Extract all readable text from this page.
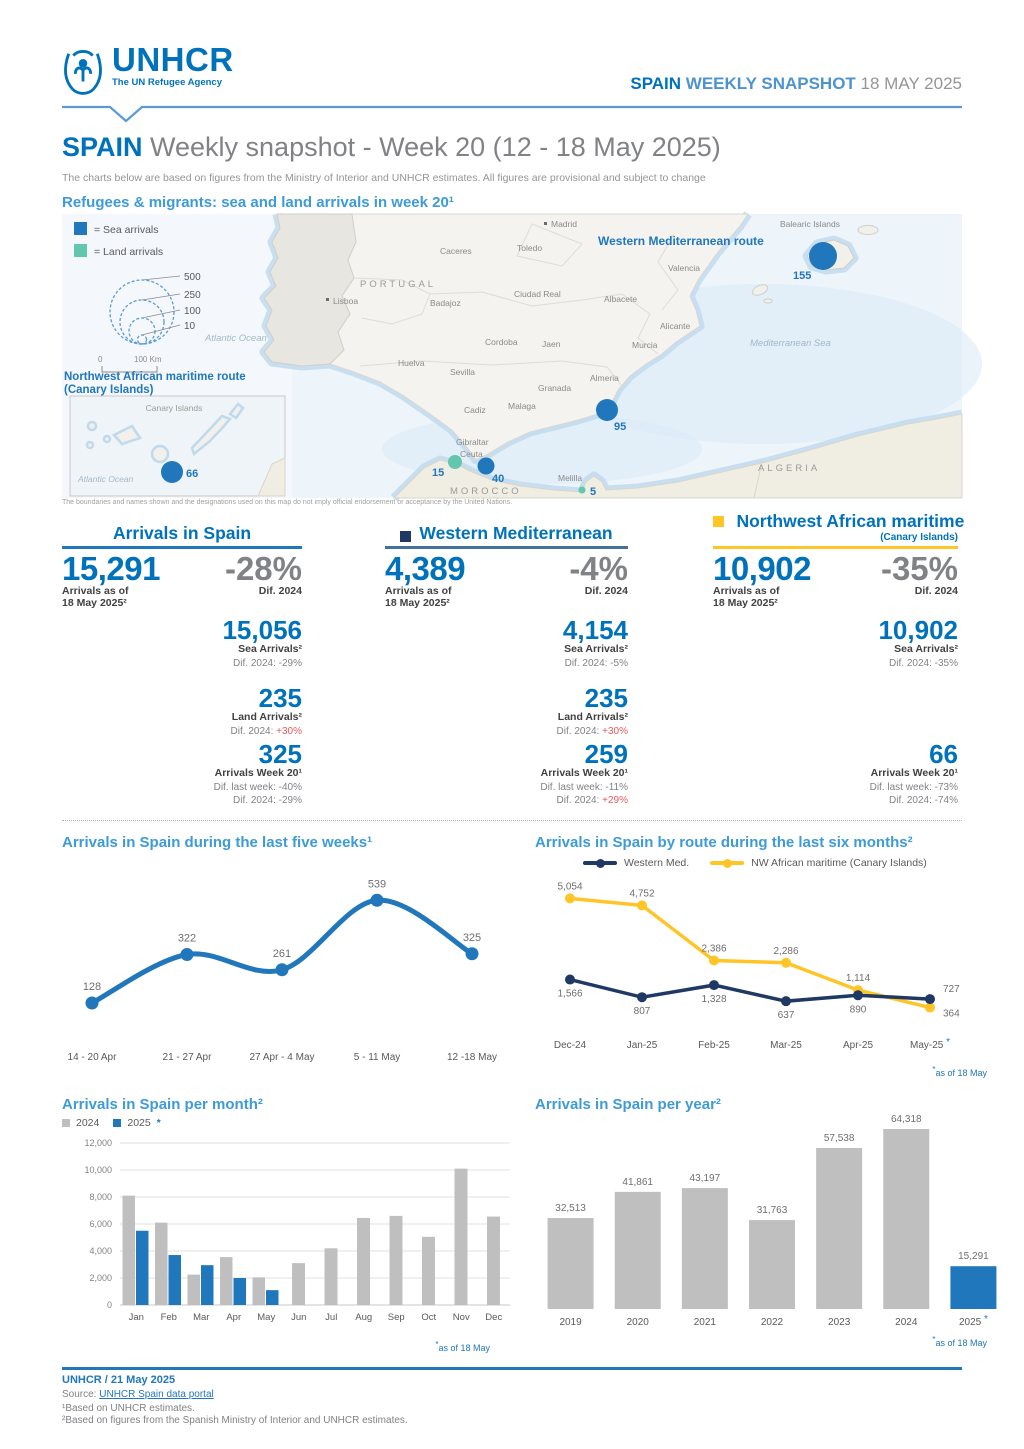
UNHCR
The UN Refugee Agency	SPAIN WEEKLY SNAPSHOT 18 MAY 2025
SPAIN Weekly snapshot - Week 20 (12 - 18 May 2025)
The charts below are based on figures from the Ministry of Interior and UNHCR estimates. All figures are provisional and subject to change
Refugees & migrants: sea and land arrivals in week 20¹
= Sea arrivals
= Land arrivals
500
250
100
10
0	100 Km
Western Mediterranean route
Northwest African maritime route
(Canary Islands)
Atlantic Ocean	Mediterranean Sea
PORTUGAL
MOROCCO
ALGERIA
Balearic Islands
Lisboa
Madrid
Caceres	Toledo
Badajoz
Ciudad Real	Albacete
Valencia
Alicante
Murcia
Cordoba	Jaen
Huelva
Sevilla
Granada
Almeria
Malaga
Cadiz
Gibraltar
Ceuta
Melilla
155
95
40
15
5
Canary Islands
Atlantic Ocean	66
The boundaries and names shown and the designations used on this map do not imply official endorsement or acceptance by the United Nations.
Arrivals in Spain
15,291
Arrivals as of
18 May 2025²
-28%
Dif. 2024
15,056
Sea Arrivals²
Dif. 2024: -29%
235
Land Arrivals²
Dif. 2024: +30%
325
Arrivals Week 20¹
Dif. last week: -40%
Dif. 2024: -29%
Western Mediterranean
4,389
Arrivals as of
18 May 2025²
-4%
Dif. 2024
4,154
Sea Arrivals²
Dif. 2024: -5%
235
Land Arrivals²
Dif. 2024: +30%
259
Arrivals Week 20¹
Dif. last week: -11%
Dif. 2024: +29%
Northwest African maritime
(Canary Islands)
10,902
Arrivals as of
18 May 2025²
-35%
Dif. 2024
10,902
Sea Arrivals²
Dif. 2024: -35%
66
Arrivals Week 20¹
Dif. last week: -73%
Dif. 2024: -74%
Arrivals in Spain during the last five weeks¹
128
14 - 20 Apr
322
21 - 27 Apr
261
27 Apr - 4 May
539
5 - 11 May
325
12 -18 May
Arrivals in Spain by route during the last six months²
Western Med.	NW African maritime (Canary Islands)
5,054
4,752
2,386	2,286
1,114
364
1,566
807
1,328
637
890
727
Dec-24	Jan-25	Feb-25	Mar-25	Apr-25	May-25 *
*as of 18 May
Arrivals in Spain per month²
2024	2025 *
0
2,000
4,000
6,000
8,000
10,000
12,000
Jan Feb Mar Apr May Jun Jul Aug Sep Oct Nov Dec
*as of 18 May
Arrivals in Spain per year²
32,513
2019
41,861
2020
43,197
2021
31,763
2022
57,538
2023
64,318
2024
15,291
2025 *
*as of 18 May
UNHCR / 21 May 2025
Source: UNHCR Spain data portal
¹Based on UNHCR estimates.
²Based on figures from the Spanish Ministry of Interior and UNHCR estimates.
